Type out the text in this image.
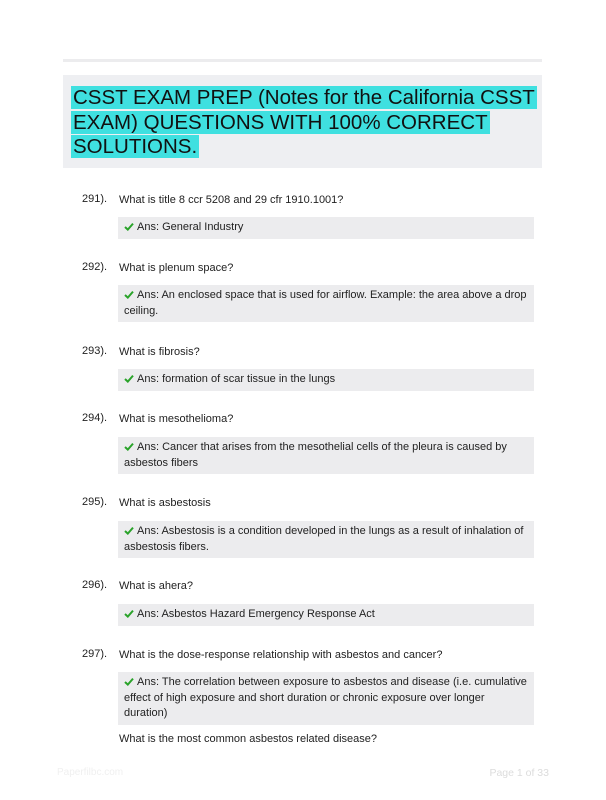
CSST EXAM PREP (Notes for the California CSST EXAM) QUESTIONS WITH 100% CORRECT SOLUTIONS.
291). What is title 8 ccr 5208 and 29 cfr 1910.1001?
Ans: General Industry
292). What is plenum space?
Ans: An enclosed space that is used for airflow. Example: the area above a drop ceiling.
293). What is fibrosis?
Ans: formation of scar tissue in the lungs
294). What is mesothelioma?
Ans: Cancer that arises from the mesothelial cells of the pleura is caused by asbestos fibers
295). What is asbestosis
Ans: Asbestosis is a condition developed in the lungs as a result of inhalation of asbestosis fibers.
296). What is ahera?
Ans: Asbestos Hazard Emergency Response Act
297). What is the dose-response relationship with asbestos and cancer?
Ans: The correlation between exposure to asbestos and disease (i.e. cumulative effect of high exposure and short duration or chronic exposure over longer duration)
What is the most common asbestos related disease?
Paperfilbc.com	Page 1 of 33
